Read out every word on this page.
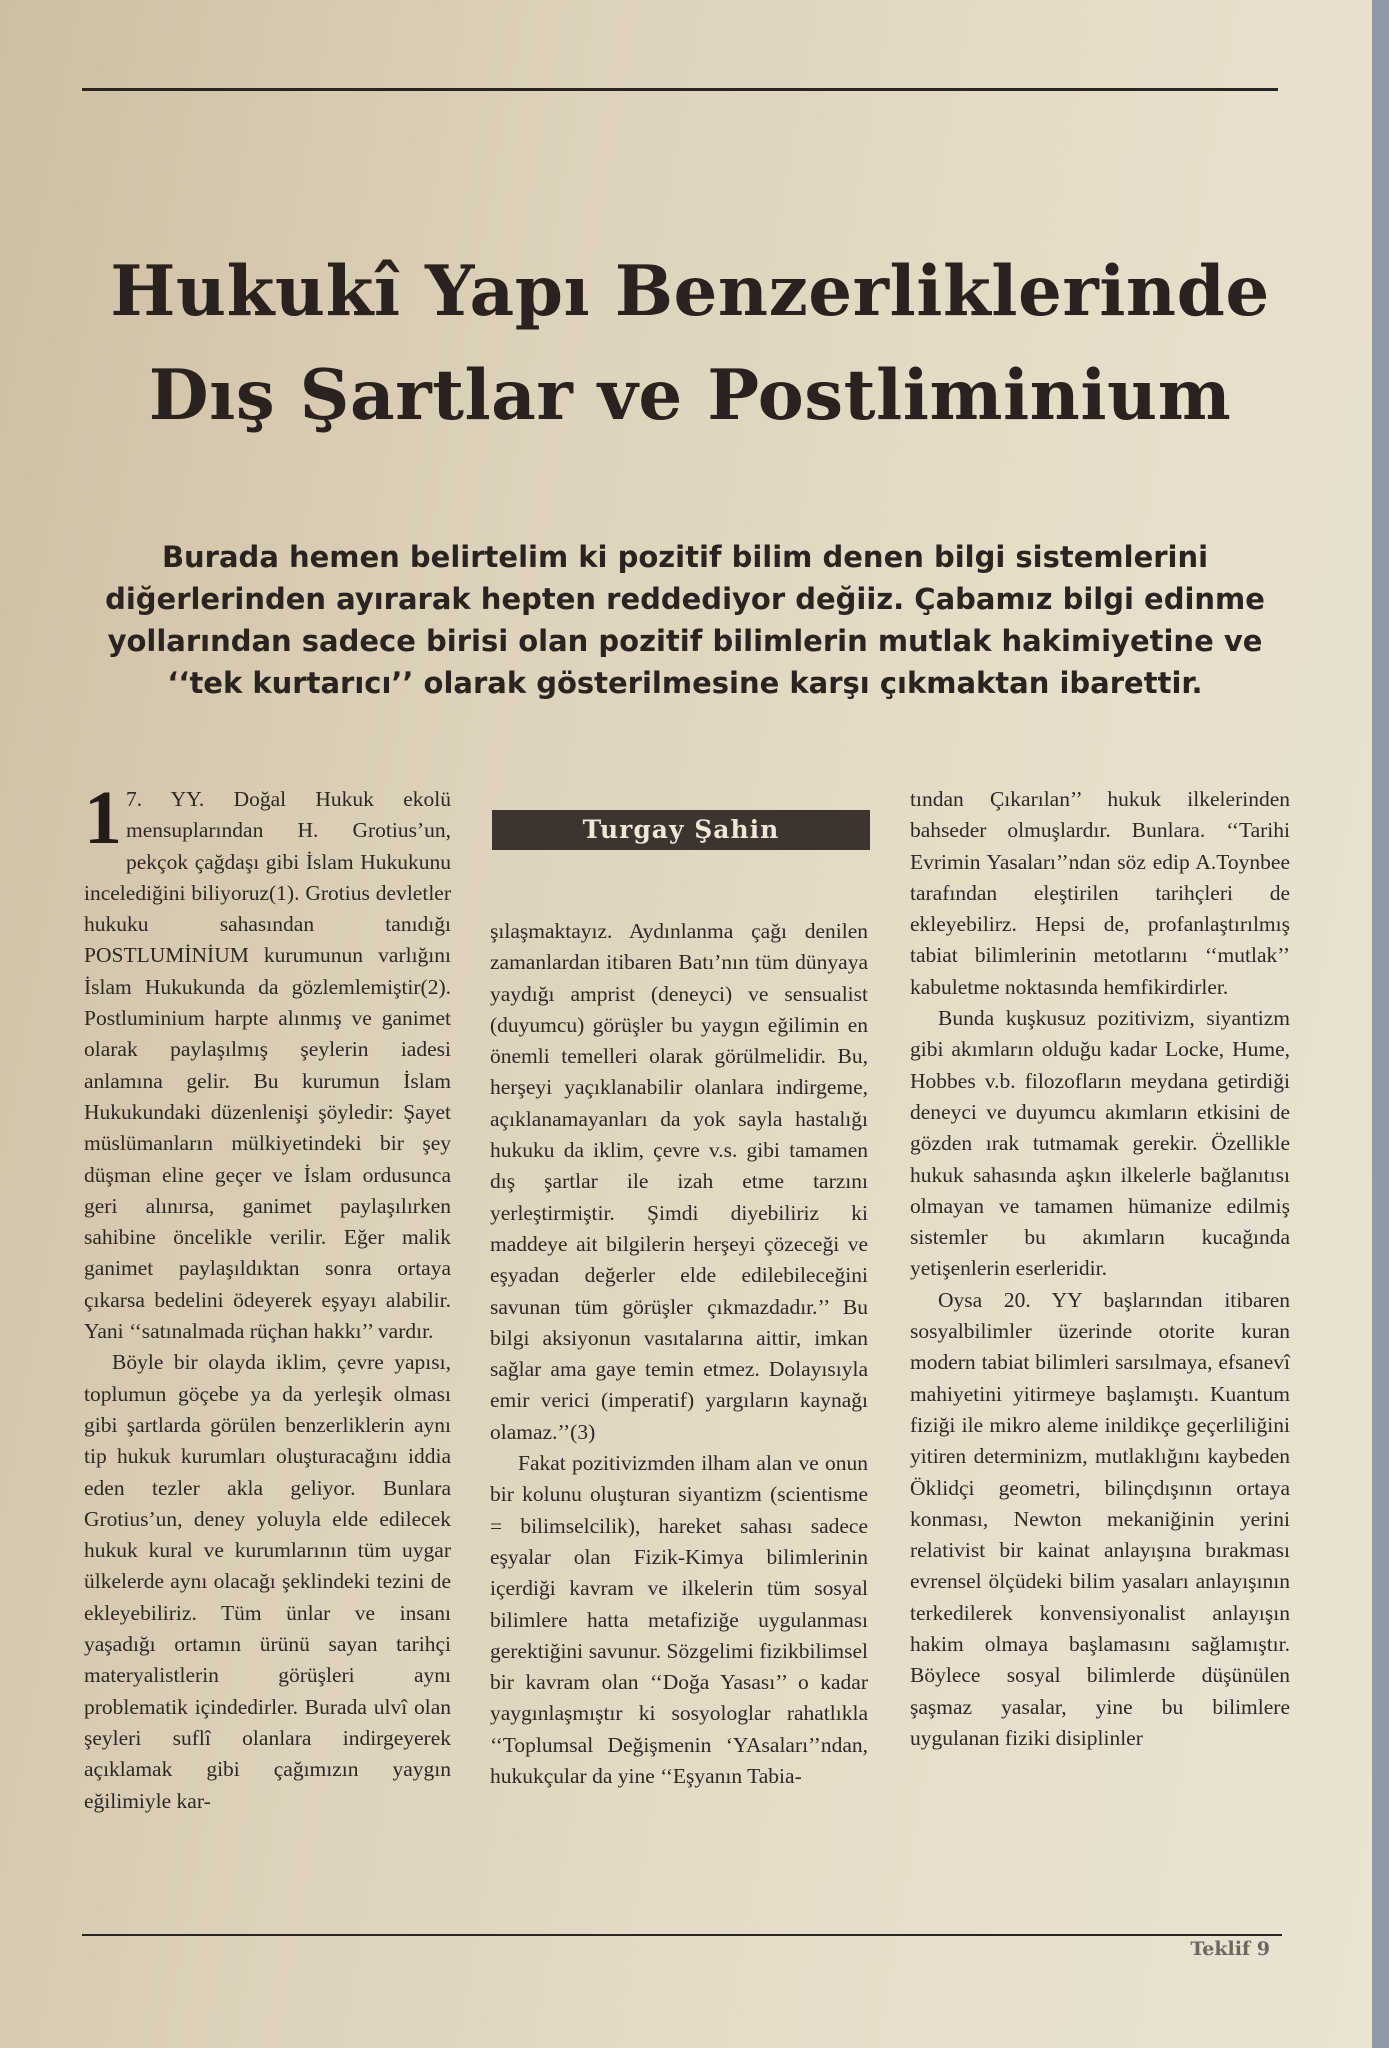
Hukukî Yapı Benzerliklerinde
Dış Şartlar ve Postliminium

Burada hemen belirtelim ki pozitif bilim denen bilgi sistemlerini diğerlerinden ayırarak hepten reddediyor değiiz. Çabamız bilgi edinme yollarından sadece birisi olan pozitif bilimlerin mutlak hakimiyetine ve ‘‘tek kurtarıcı’’ olarak gösterilmesine karşı çıkmaktan ibarettir.

1 7. YY. Doğal Hukuk ekolü mensuplarından H. Grotius’un, pekçok çağdaşı gibi İslam Hukukunu incelediğini biliyoruz(1). Grotius devletler hukuku sahasından tanıdığı POSTLUMİNİUM kurumunun varlığını İslam Hukukunda da gözlemlemiştir(2). Postluminium harpte alınmış ve ganimet olarak paylaşılmış şeylerin iadesi anlamına gelir. Bu kurumun İslam Hukukundaki düzenlenişi şöyledir: Şayet müslümanların mülkiyetindeki bir şey düşman eline geçer ve İslam ordusunca geri alınırsa, ganimet paylaşılırken sahibine öncelikle verilir. Eğer malik ganimet paylaşıldıktan sonra ortaya çıkarsa bedelini ödeyerek eşyayı alabilir. Yani ‘‘satınalmada rüçhan hakkı’’ vardır.

Böyle bir olayda iklim, çevre yapısı, toplumun göçebe ya da yerleşik olması gibi şartlarda görülen benzerliklerin aynı tip hukuk kurumları oluşturacağını iddia eden tezler akla geliyor. Bunlara Grotius’un, deney yoluyla elde edilecek hukuk kural ve kurumlarının tüm uygar ülkelerde aynı olacağı şeklindeki tezini de ekleyebiliriz. Tüm ünlar ve insanı yaşadığı ortamın ürünü sayan tarihçi materyalistlerin görüşleri aynı problematik içindedirler. Burada ulvî olan şeyleri suflî olanlara indirgeyerek açıklamak gibi çağımızın yaygın eğilimiyle kar-

Turgay Şahin

şılaşmaktayız. Aydınlanma çağı denilen zamanlardan itibaren Batı’nın tüm dünyaya yaydığı amprist (deneyci) ve sensualist (duyumcu) görüşler bu yaygın eğilimin en önemli temelleri olarak görülmelidir. Bu, herşeyi yaçıklanabilir olanlara indirgeme, açıklanamayanları da yok sayla hastalığı hukuku da iklim, çevre v.s. gibi tamamen dış şartlar ile izah etme tarzını yerleştirmiştir. Şimdi diyebiliriz ki maddeye ait bilgilerin herşeyi çözeceği ve eşyadan değerler elde edilebileceğini savunan tüm görüşler çıkmazdadır.’’ Bu bilgi aksiyonun vasıtalarına aittir, imkan sağlar ama gaye temin etmez. Dolayısıyla emir verici (imperatif) yargıların kaynağı olamaz.’’(3)

Fakat pozitivizmden ilham alan ve onun bir kolunu oluşturan siyantizm (scientisme = bilimselcilik), hareket sahası sadece eşyalar olan Fizik-Kimya bilimlerinin içerdiği kavram ve ilkelerin tüm sosyal bilimlere hatta metafiziğe uygulanması gerektiğini savunur. Sözgelimi fizikbilimsel bir kavram olan ‘‘Doğa Yasası’’ o kadar yaygınlaşmıştır ki sosyologlar rahatlıkla ‘‘Toplumsal Değişmenin ‘YAsaları’’ndan, hukukçular da yine ‘‘Eşyanın Tabia-

tından Çıkarılan’’ hukuk ilkelerinden bahseder olmuşlardır. Bunlara. ‘‘Tarihi Evrimin Yasaları’’ndan söz edip A.Toynbee tarafından eleştirilen tarihçleri de ekleyebilirz. Hepsi de, profanlaştırılmış tabiat bilimlerinin metotlarını ‘‘mutlak’’ kabuletme noktasında hemfikirdirler.

Bunda kuşkusuz pozitivizm, siyantizm gibi akımların olduğu kadar Locke, Hume, Hobbes v.b. filozofların meydana getirdiği deneyci ve duyumcu akımların etkisini de gözden ırak tutmamak gerekir. Özellikle hukuk sahasında aşkın ilkelerle bağlanıtısı olmayan ve tamamen hümanize edilmiş sistemler bu akımların kucağında yetişenlerin eserleridir.

Oysa 20. YY başlarından itibaren sosyalbilimler üzerinde otorite kuran modern tabiat bilimleri sarsılmaya, efsanevî mahiyetini yitirmeye başlamıştı. Kuantum fiziği ile mikro aleme inildikçe geçerliliğini yitiren determinizm, mutlaklığını kaybeden Öklidçi geometri, bilinçdışının ortaya konması, Newton mekaniğinin yerini relativist bir kainat anlayışına bırakması evrensel ölçüdeki bilim yasaları anlayışının terkedilerek konvensiyonalist anlayışın hakim olmaya başlamasını sağlamıştır. Böylece sosyal bilimlerde düşünülen şaşmaz yasalar, yine bu bilimlere uygulanan fiziki disiplinler

Teklif 9
